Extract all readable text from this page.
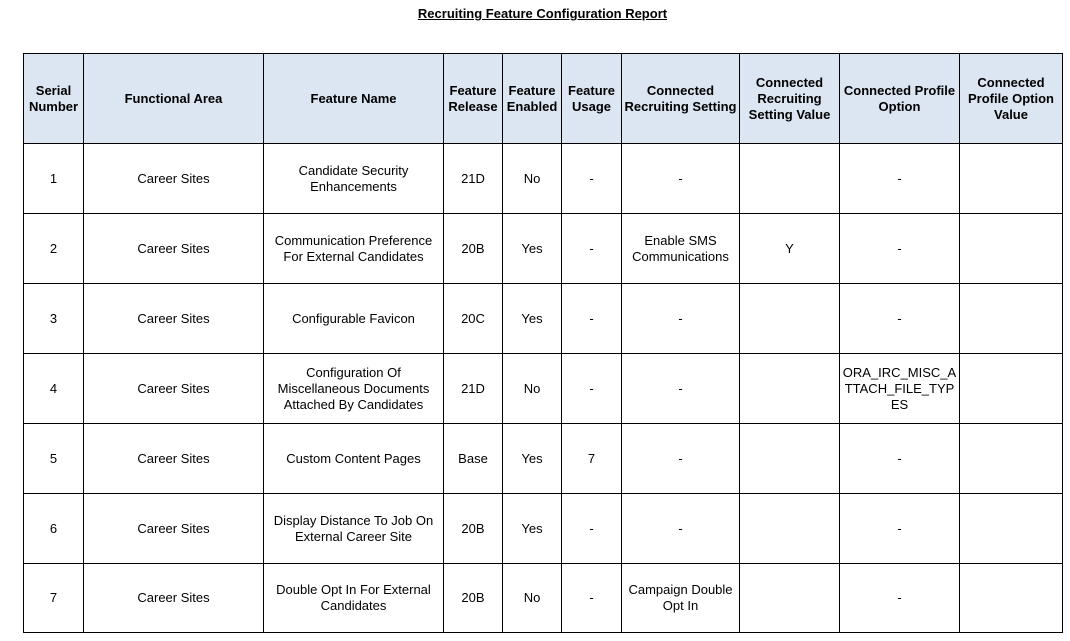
Recruiting Feature Configuration Report
Serial Number	Functional Area	Feature Name	Feature Release	Feature Enabled	Feature Usage	Connected Recruiting Setting	Connected Recruiting Setting Value	Connected Profile Option	Connected Profile Option Value
1	Career Sites	Candidate Security Enhancements	21D	No	-	-		-	
2	Career Sites	Communication Preference For External Candidates	20B	Yes	-	Enable SMS Communications	Y	-	
3	Career Sites	Configurable Favicon	20C	Yes	-	-		-	
4	Career Sites	Configuration Of Miscellaneous Documents Attached By Candidates	21D	No	-	-		ORA_IRC_MISC_ATTACH_FILE_TYPES	
5	Career Sites	Custom Content Pages	Base	Yes	7	-		-	
6	Career Sites	Display Distance To Job On External Career Site	20B	Yes	-	-		-	
7	Career Sites	Double Opt In For External Candidates	20B	No	-	Campaign Double Opt In		-	
